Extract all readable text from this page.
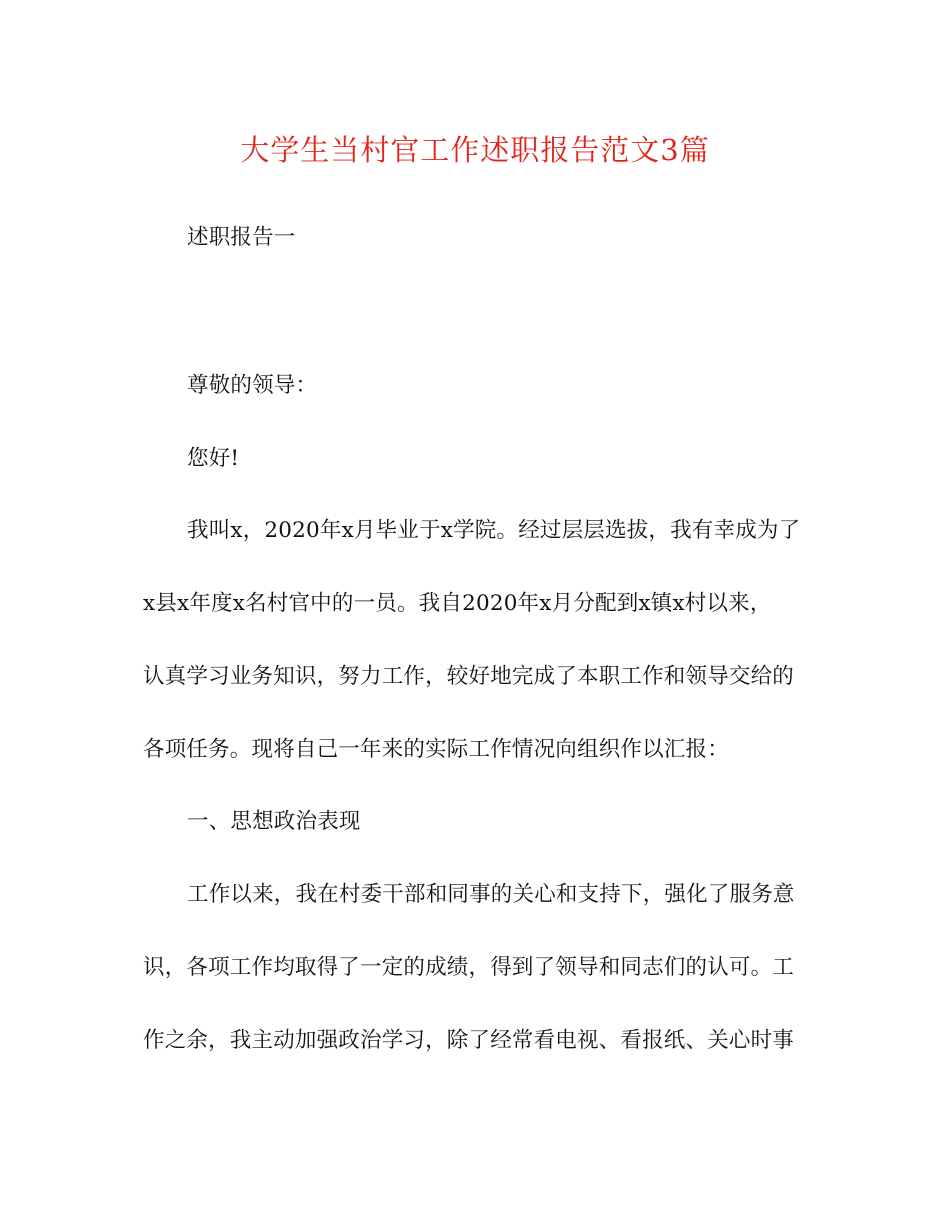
大学生当村官工作述职报告范文3篇
述职报告一
尊敬的领导：
您好!
我叫x，2020年x月毕业于x学院。经过层层选拔，我有幸成为了
x县x年度x名村官中的一员。我自2020年x月分配到x镇x村以来，
认真学习业务知识，努力工作，较好地完成了本职工作和领导交给的
各项任务。现将自己一年来的实际工作情况向组织作以汇报：
一、思想政治表现
工作以来，我在村委干部和同事的关心和支持下，强化了服务意
识，各项工作均取得了一定的成绩，得到了领导和同志们的认可。工
作之余，我主动加强政治学习，除了经常看电视、看报纸、关心时事
